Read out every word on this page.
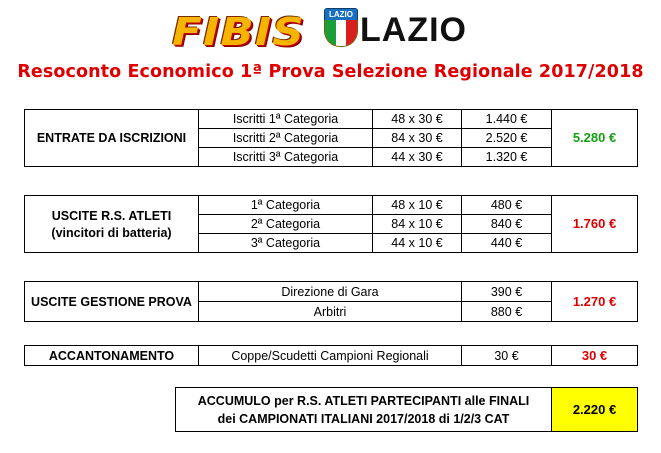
FIBIS	LAZIO LAZIO
Resoconto Economico 1ª Prova Selezione Regionale 2017/2018
ENTRATE DA ISCRIZIONI	Iscritti 1ª Categoria	48 x 30 €	1.440 €	5.280 €
	Iscritti 2ª Categoria	84 x 30 €	2.520 €	
	Iscritti 3ª Categoria	44 x 30 €	1.320 €	
USCITE R.S. ATLETI
(vincitori di batteria)	1ª Categoria	48 x 10 €	480 €	1.760 €
	2ª Categoria	84 x 10 €	840 €	
	3ª Categoria	44 x 10 €	440 €	
USCITE GESTIONE PROVA	Direzione di Gara	390 €	1.270 €
	Arbitri	880 €	
ACCANTONAMENTO	Coppe/Scudetti Campioni Regionali	30 €	30 €
ACCUMULO per R.S. ATLETI PARTECIPANTI alle FINALI
dei CAMPIONATI ITALIANI 2017/2018 di 1/2/3 CAT
	2.220 €
